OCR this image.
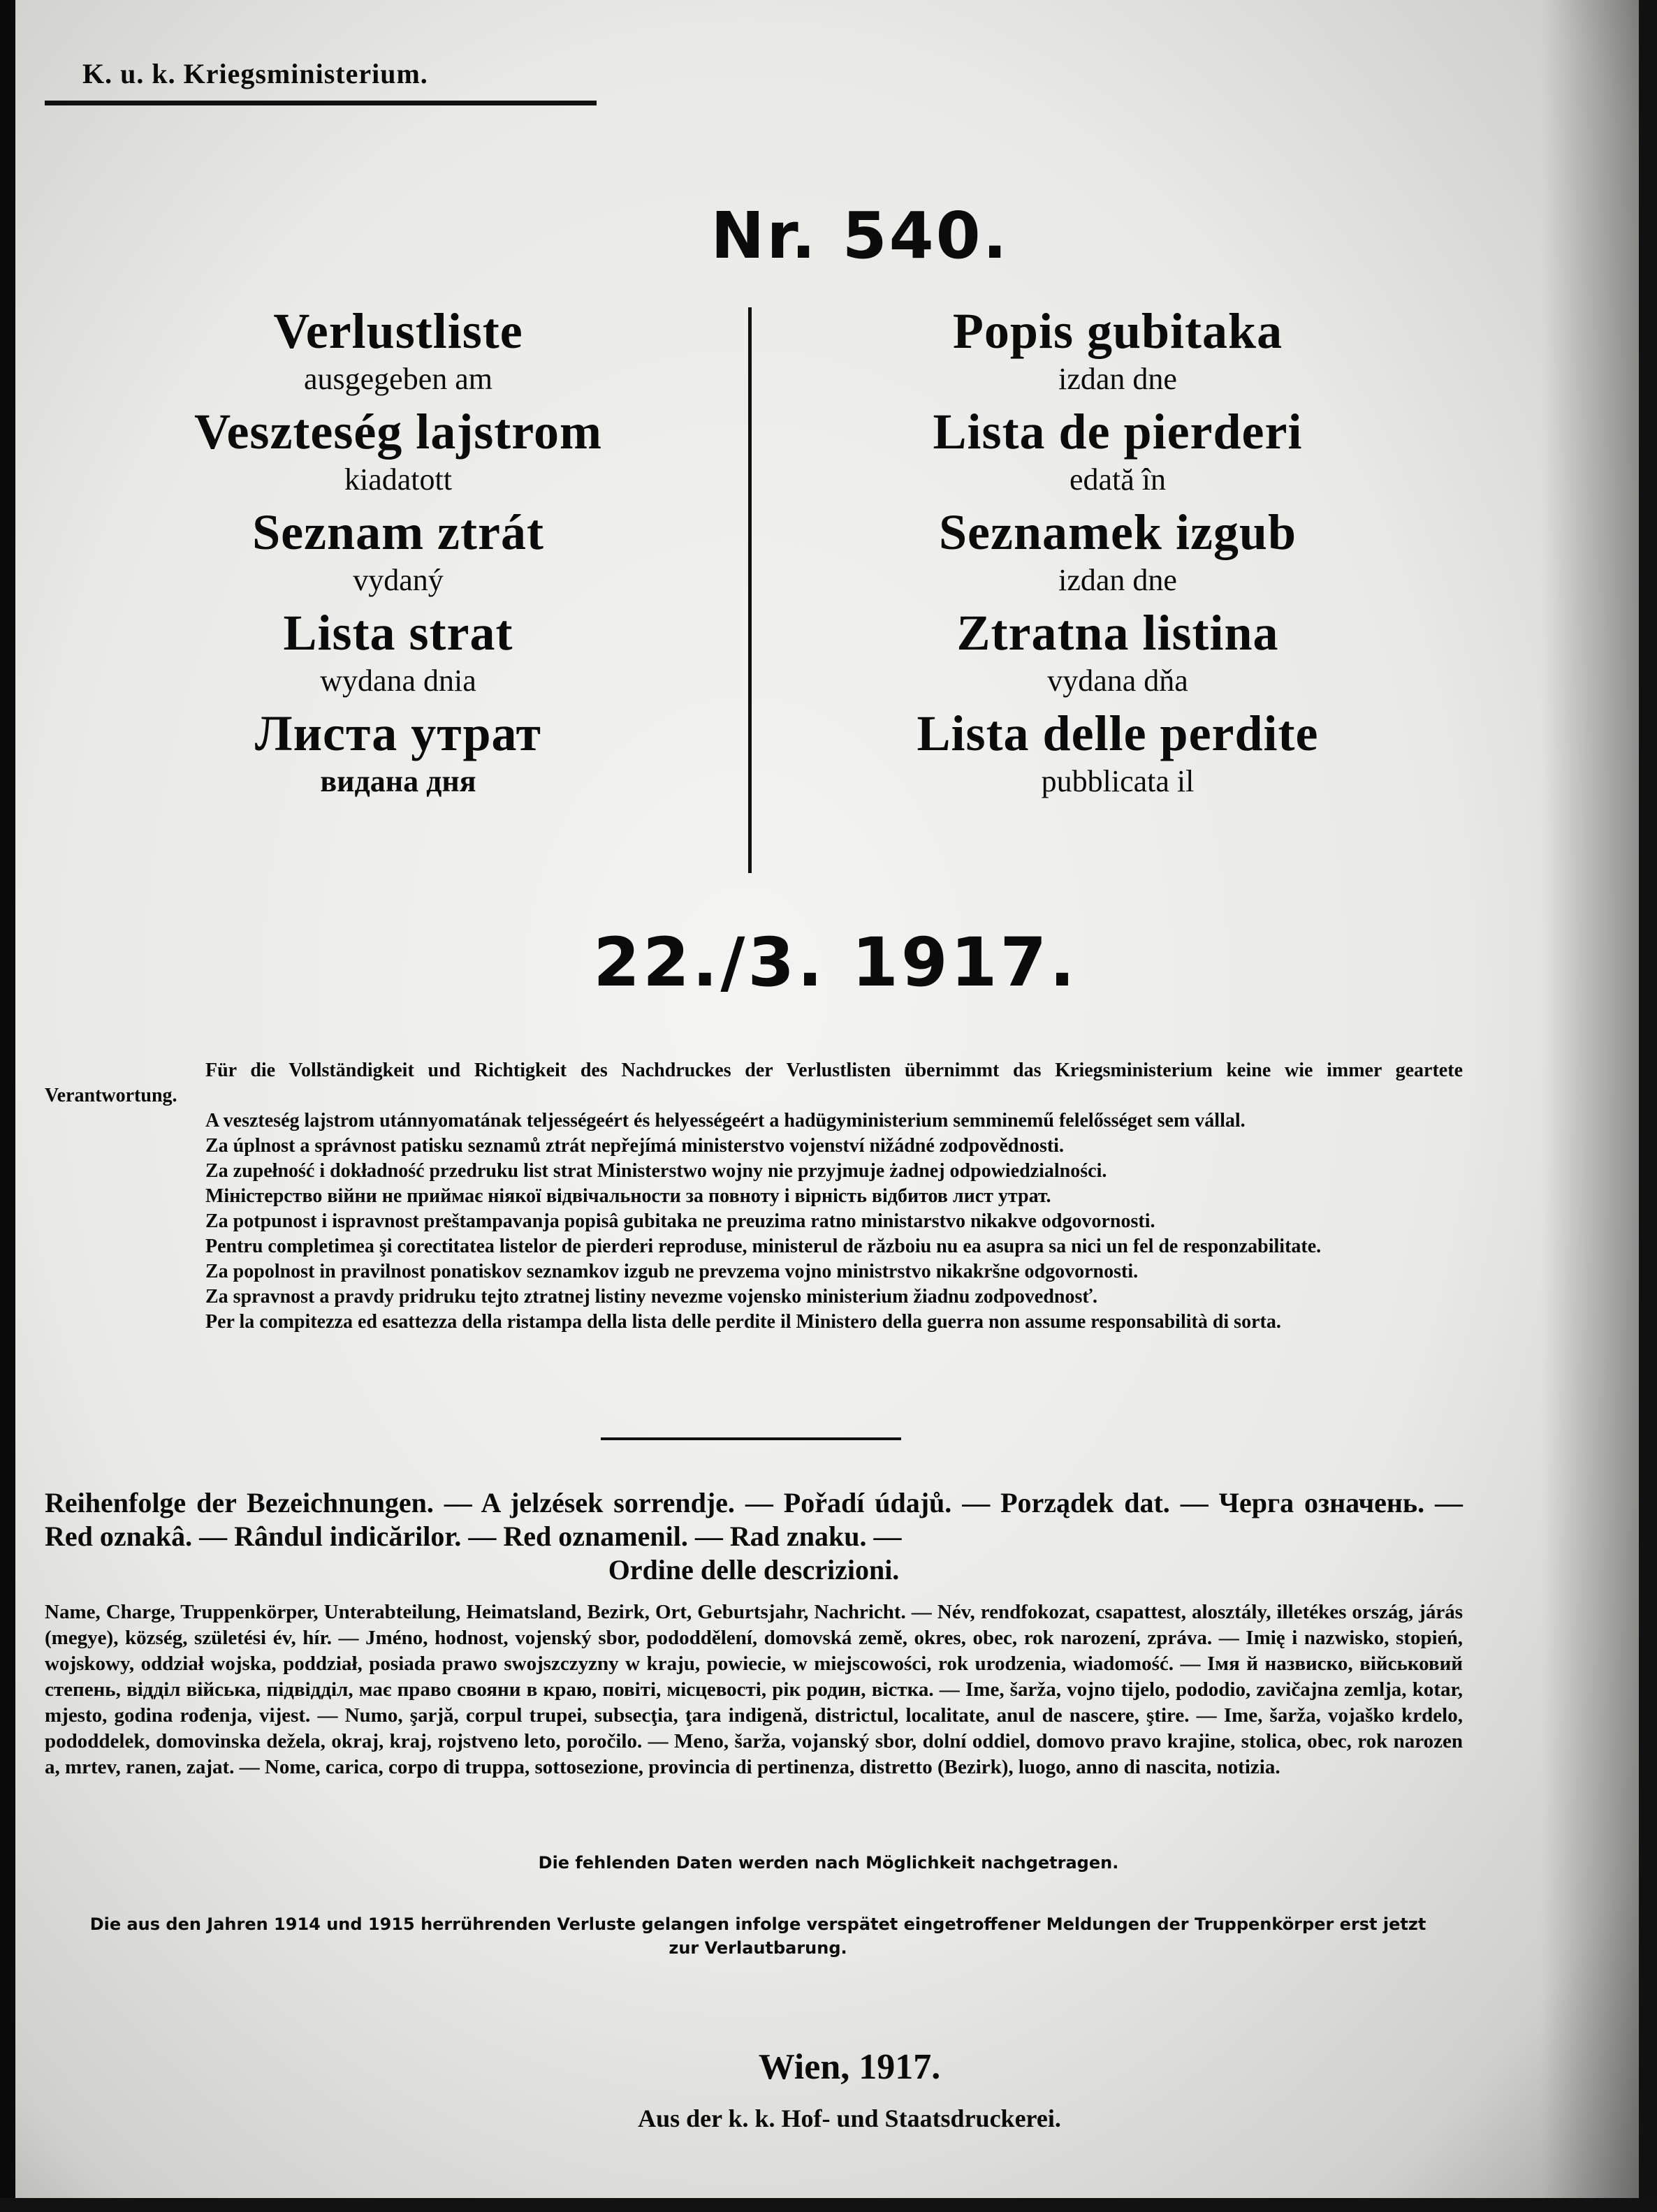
K. u. k. Kriegsministerium.
Nr. 540.
Verlustliste
ausgegeben am
Veszteség lajstrom
kiadatott
Seznam ztrát
vydaný
Lista strat
wydana dnia
Листа утрат
видана дня
Popis gubitaka
izdan dne
Lista de pierderi
edată în
Seznamek izgub
izdan dne
Ztratna listina
vydana dňa
Lista delle perdite
pubblicata il
22./3. 1917.

Für die Vollständigkeit und Richtigkeit des Nachdruckes der Verlustlisten übernimmt das Kriegsministerium keine wie immer geartete Verantwortung.

A veszteség lajstrom utánnyomatának teljességeért és helyességeért a hadügyministerium semminemű felelősséget sem vállal.

Za úplnost a správnost patisku seznamů ztrát nepřejímá ministerstvo vojenství nižádné zodpovědnosti.

Za zupełność i dokładność przedruku list strat Ministerstwo wojny nie przyjmuje żadnej odpowiedzialności.

Міністерство війни не приймає ніякої відвічальности за повноту і вірність відбитов лист утрат.

Za potpunost i ispravnost preštampavanja popisâ gubitaka ne preuzima ratno ministarstvo nikakve odgovornosti.

Pentru completimea şi corectitatea listelor de pierderi reproduse, ministerul de războiu nu ea asupra sa nici un fel de responzabilitate.

Za popolnost in pravilnost ponatiskov seznamkov izgub ne prevzema vojno ministrstvo nikakršne odgovornosti.

Za spravnost a pravdy pridruku tejto ztratnej listiny nevezme vojensko ministerium žiadnu zodpovednosť.

Per la compitezza ed esattezza della ristampa della lista delle perdite il Ministero della guerra non assume responsabilità di sorta.

Reihenfolge der Bezeichnungen. — A jelzések sorrendje. — Pořadí údajů. — Porządek dat. — Черга означень. — Red oznakâ. — Rândul indicărilor. — Red oznamenil. — Rad znaku. —
Ordine delle descrizioni.
Name, Charge, Truppenkörper, Unterabteilung, Heimatsland, Bezirk, Ort, Geburtsjahr, Nachricht. — Név, rendfokozat, csapattest, alosztály, illetékes ország, járás (megye), község, születési év, hír. — Jméno, hodnost, vojenský sbor, pododdělení, domovská země, okres, obec, rok narození, zpráva. — Imię i nazwisko, stopień, wojskowy, oddział wojska, poddział, posiada prawo swojszczyzny w kraju, powiecie, w miejscowości, rok urodzenia, wiadomość. — Імя й назвиско, військовий степень, відділ війська, підвідділ, має право свояни в краю, повіті, місцевості, рік родин, вістка. — Ime, šarža, vojno tijelo, pododio, zavičajna zemlja, kotar, mjesto, godina rođenja, vijest. — Numo, şarjă, corpul trupei, subsecţia, ţara indigenă, districtul, localitate, anul de nascere, ştire. — Ime, šarža, vojaško krdelo, pododdelek, domovinska dežela, okraj, kraj, rojstveno leto, poročilo. — Meno, šarža, vojanský sbor, dolní oddiel, domovo pravo krajine, stolica, obec, rok narozen a, mrtev, ranen, zajat. — Nome, carica, corpo di truppa, sottosezione, provincia di pertinenza, distretto (Bezirk), luogo, anno di nascita, notizia.
Die fehlenden Daten werden nach Möglichkeit nachgetragen.
Die aus den Jahren 1914 und 1915 herrührenden Verluste gelangen infolge verspätet eingetroffener Meldungen der Truppenkörper erst jetzt zur Verlautbarung.
Wien, 1917.
Aus der k. k. Hof- und Staatsdruckerei.
